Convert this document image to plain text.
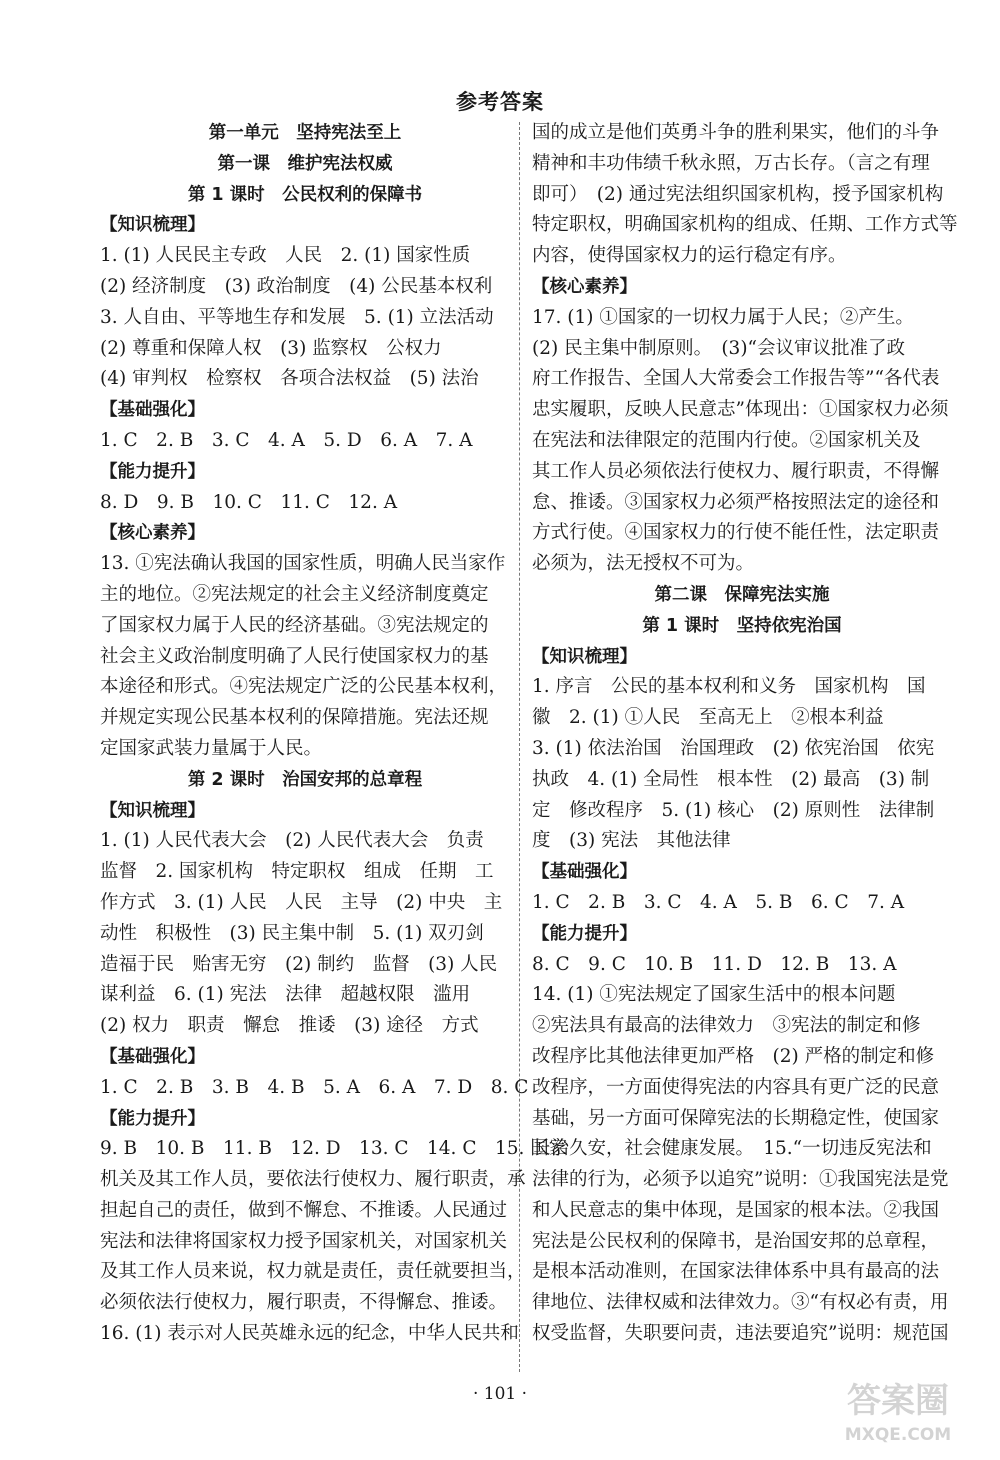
参考答案
第一单元　坚持宪法至上
第一课　维护宪法权威
第 1 课时　公民权利的保障书
【知识梳理】
1. (1) 人民民主专政　人民　2. (1) 国家性质
(2) 经济制度　(3) 政治制度　(4) 公民基本权利
3. 人自由、平等地生存和发展　5. (1) 立法活动
(2) 尊重和保障人权　(3) 监察权　公权力
(4) 审判权　检察权　各项合法权益　(5) 法治
【基础强化】
1. C　2. B　3. C　4. A　5. D　6. A　7. A
【能力提升】
8. D　9. B　10. C　11. C　12. A
【核心素养】
13. ①宪法确认我国的国家性质，明确人民当家作
主的地位。②宪法规定的社会主义经济制度奠定
了国家权力属于人民的经济基础。③宪法规定的
社会主义政治制度明确了人民行使国家权力的基
本途径和形式。④宪法规定广泛的公民基本权利，
并规定实现公民基本权利的保障措施。宪法还规
定国家武装力量属于人民。
第 2 课时　治国安邦的总章程
【知识梳理】
1. (1) 人民代表大会　(2) 人民代表大会　负责
监督　2. 国家机构　特定职权　组成　任期　工
作方式　3. (1) 人民　人民　主导　(2) 中央　主
动性　积极性　(3) 民主集中制　5. (1) 双刃剑
造福于民　贻害无穷　(2) 制约　监督　(3) 人民
谋利益　6. (1) 宪法　法律　超越权限　滥用
(2) 权力　职责　懈怠　推诿　(3) 途径　方式
【基础强化】
1. C　2. B　3. B　4. B　5. A　6. A　7. D　8. C
【能力提升】
9. B　10. B　11. B　12. D　13. C　14. C　15. 国家
机关及其工作人员，要依法行使权力、履行职责，承
担起自己的责任，做到不懈怠、不推诿。人民通过
宪法和法律将国家权力授予国家机关，对国家机关
及其工作人员来说，权力就是责任，责任就要担当，
必须依法行使权力，履行职责，不得懈怠、推诿。
16. (1) 表示对人民英雄永远的纪念，中华人民共和
国的成立是他们英勇斗争的胜利果实，他们的斗争
精神和丰功伟绩千秋永照，万古长存。（言之有理
即可）　(2) 通过宪法组织国家机构，授予国家机构
特定职权，明确国家机构的组成、任期、工作方式等
内容，使得国家权力的运行稳定有序。
【核心素养】
17. (1) ①国家的一切权力属于人民；②产生。
(2) 民主集中制原则。　(3)“会议审议批准了政
府工作报告、全国人大常委会工作报告等”“各代表
忠实履职，反映人民意志”体现出：①国家权力必须
在宪法和法律限定的范围内行使。②国家机关及
其工作人员必须依法行使权力、履行职责，不得懈
怠、推诿。③国家权力必须严格按照法定的途径和
方式行使。④国家权力的行使不能任性，法定职责
必须为，法无授权不可为。
第二课　保障宪法实施
第 1 课时　坚持依宪治国
【知识梳理】
1. 序言　公民的基本权利和义务　国家机构　国
徽　2. (1) ①人民　至高无上　②根本利益
3. (1) 依法治国　治国理政　(2) 依宪治国　依宪
执政　4. (1) 全局性　根本性　(2) 最高　(3) 制
定　修改程序　5. (1) 核心　(2) 原则性　法律制
度　(3) 宪法　其他法律
【基础强化】
1. C　2. B　3. C　4. A　5. B　6. C　7. A
【能力提升】
8. C　9. C　10. B　11. D　12. B　13. A
14. (1) ①宪法规定了国家生活中的根本问题
②宪法具有最高的法律效力　③宪法的制定和修
改程序比其他法律更加严格　(2) 严格的制定和修
改程序，一方面使得宪法的内容具有更广泛的民意
基础，另一方面可保障宪法的长期稳定性，使国家
长治久安，社会健康发展。　15.“一切违反宪法和
法律的行为，必须予以追究”说明：①我国宪法是党
和人民意志的集中体现，是国家的根本法。②我国
宪法是公民权利的保障书，是治国安邦的总章程，
是根本活动准则，在国家法律体系中具有最高的法
律地位、法律权威和法律效力。③“有权必有责，用
权受监督，失职要问责，违法要追究”说明：规范国
· 101 ·	答案圈
MXQE.COM
